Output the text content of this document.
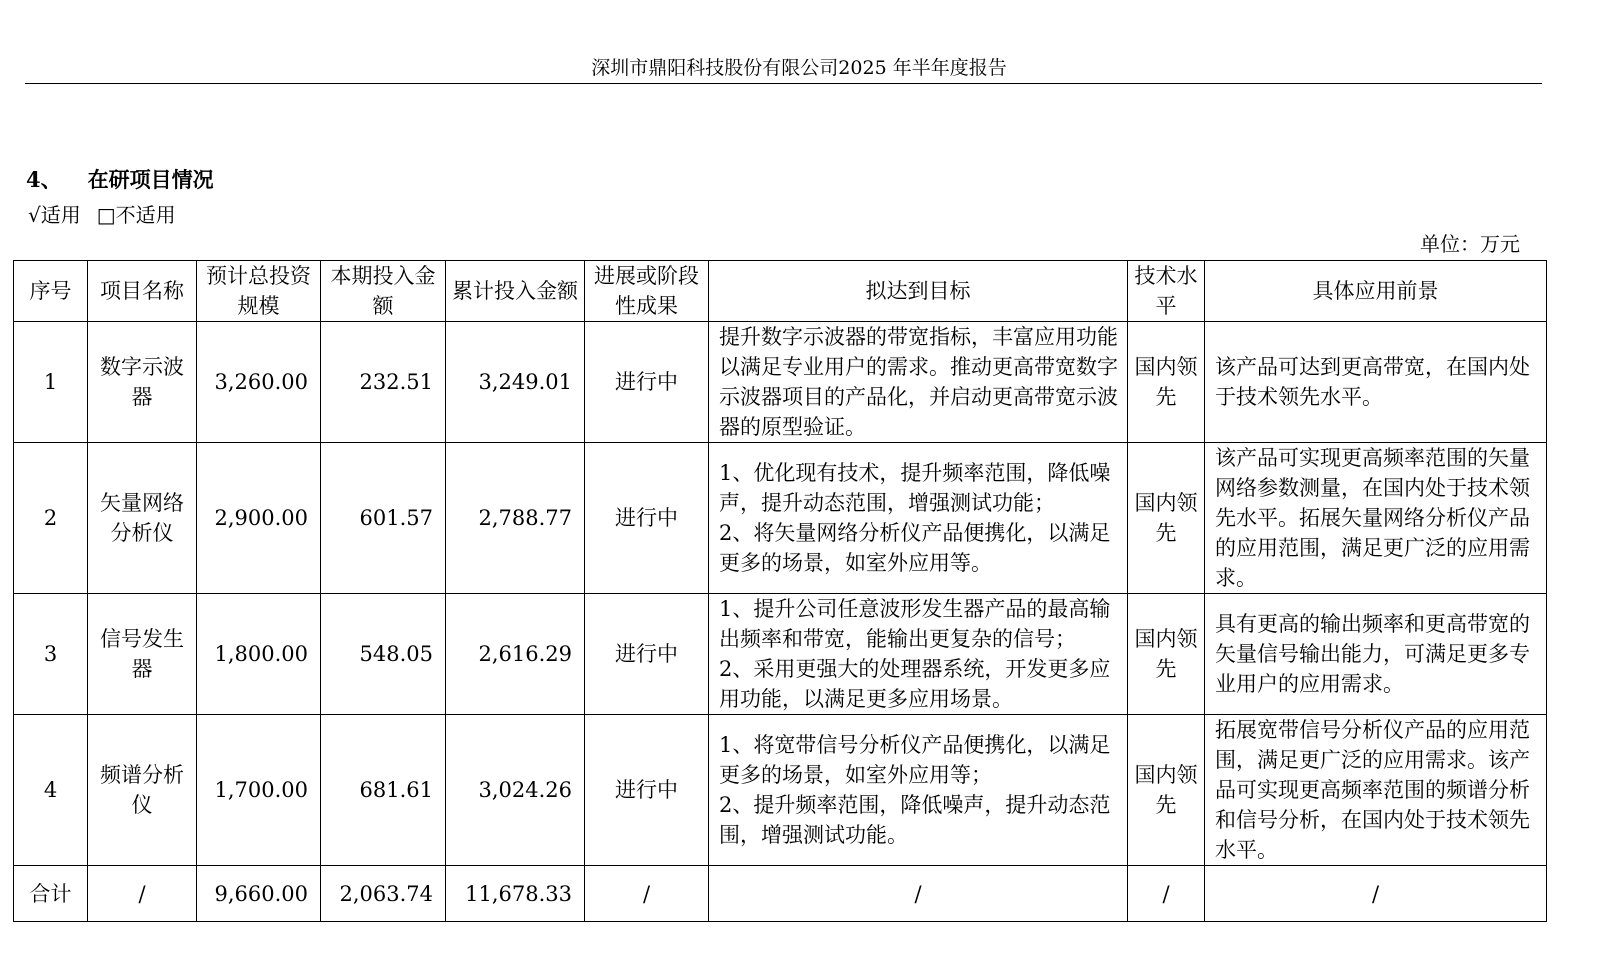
深圳市鼎阳科技股份有限公司2025 年半年度报告
4、 在研项目情况
√适用 □不适用
单位：万元
序号	项目名称	预计总投资规模	本期投入金额	累计投入金额	进展或阶段性成果	拟达到目标	技术水平	具体应用前景
1	数字示波器	3,260.00	232.51	3,249.01	进行中	提升数字示波器的带宽指标，丰富应用功能以满足专业用户的需求。推动更高带宽数字示波器项目的产品化，并启动更高带宽示波器的原型验证。	国内领先	该产品可达到更高带宽，在国内处于技术领先水平。
2	矢量网络分析仪	2,900.00	601.57	2,788.77	进行中	1、优化现有技术，提升频率范围，降低噪声，提升动态范围，增强测试功能；
2、将矢量网络分析仪产品便携化，以满足更多的场景，如室外应用等。	国内领先	该产品可实现更高频率范围的矢量网络参数测量，在国内处于技术领先水平。拓展矢量网络分析仪产品的应用范围，满足更广泛的应用需求。
3	信号发生器	1,800.00	548.05	2,616.29	进行中	1、提升公司任意波形发生器产品的最高输出频率和带宽，能输出更复杂的信号；
2、采用更强大的处理器系统，开发更多应用功能，以满足更多应用场景。	国内领先	具有更高的输出频率和更高带宽的矢量信号输出能力，可满足更多专业用户的应用需求。
4	频谱分析仪	1,700.00	681.61	3,024.26	进行中	1、将宽带信号分析仪产品便携化，以满足更多的场景，如室外应用等；
2、提升频率范围，降低噪声，提升动态范围，增强测试功能。	国内领先	拓展宽带信号分析仪产品的应用范围，满足更广泛的应用需求。该产品可实现更高频率范围的频谱分析和信号分析，在国内处于技术领先水平。
合计	/	9,660.00	2,063.74	11,678.33	/	/	/	/
